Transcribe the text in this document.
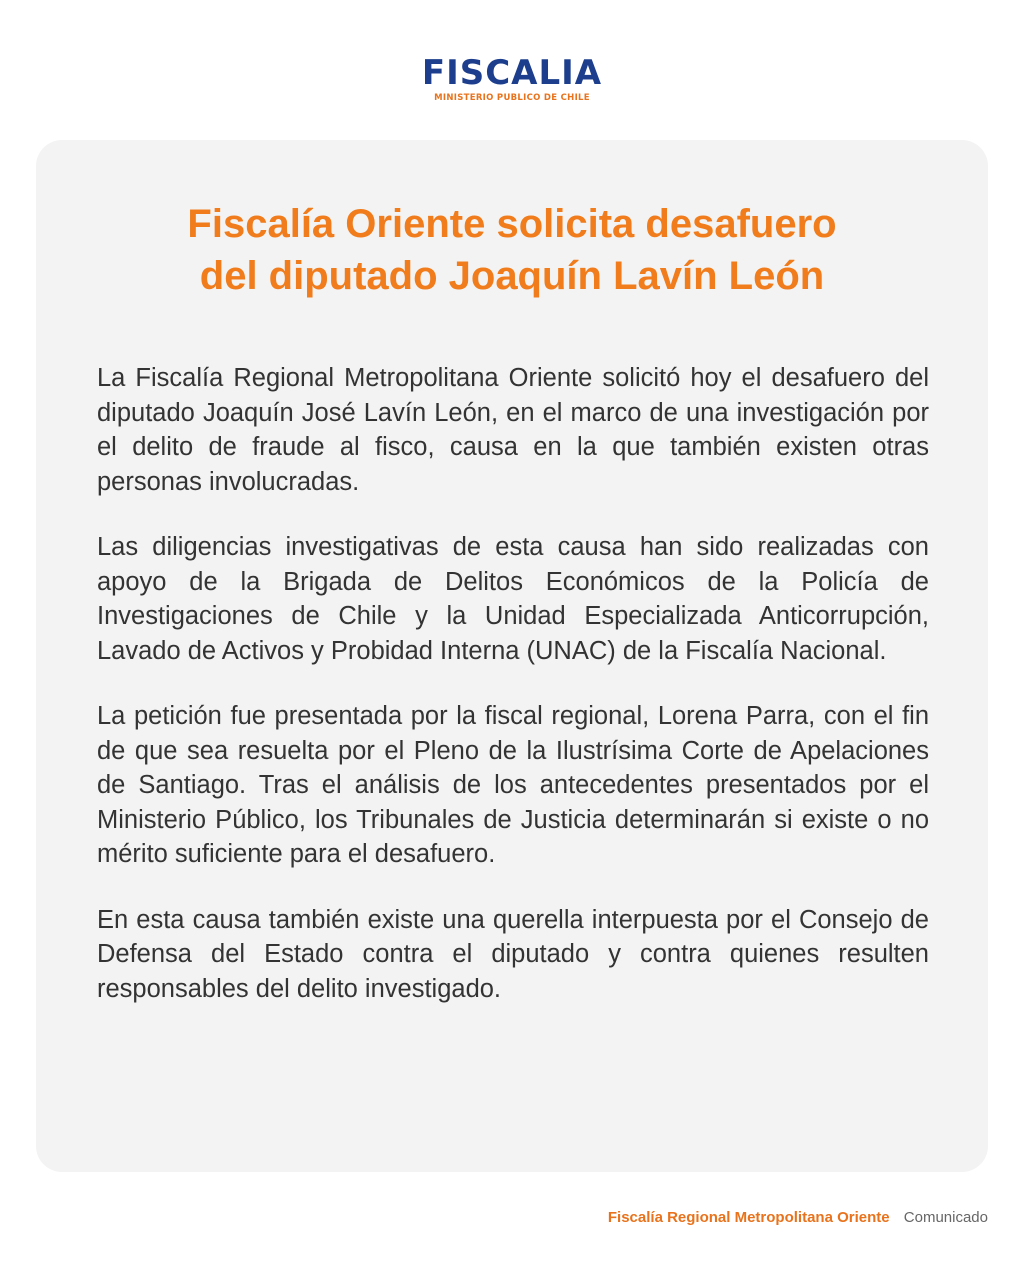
FISCALIA
MINISTERIO PUBLICO DE CHILE
Fiscalía Oriente solicita desafuero
del diputado Joaquín Lavín León

La Fiscalía Regional Metropolitana Oriente solicitó hoy el desafuero del diputado Joaquín José Lavín León, en el marco de una investigación por el delito de fraude al fisco, causa en la que también existen otras personas involucradas.

Las diligencias investigativas de esta causa han sido realizadas con apoyo de la Brigada de Delitos Económicos de la Policía de Investigaciones de Chile y la Unidad Especializada Anticorrupción, Lavado de Activos y Probidad Interna (UNAC) de la Fiscalía Nacional.

La petición fue presentada por la fiscal regional, Lorena Parra, con el fin de que sea resuelta por el Pleno de la Ilustrísima Corte de Apelaciones de Santiago. Tras el análisis de los antecedentes presentados por el Ministerio Público, los Tribunales de Justicia determinarán si existe o no mérito suficiente para el desafuero.

En esta causa también existe una querella interpuesta por el Consejo de Defensa del Estado contra el diputado y contra quienes resulten responsables del delito investigado.

Fiscalía Regional Metropolitana Oriente Comunicado
